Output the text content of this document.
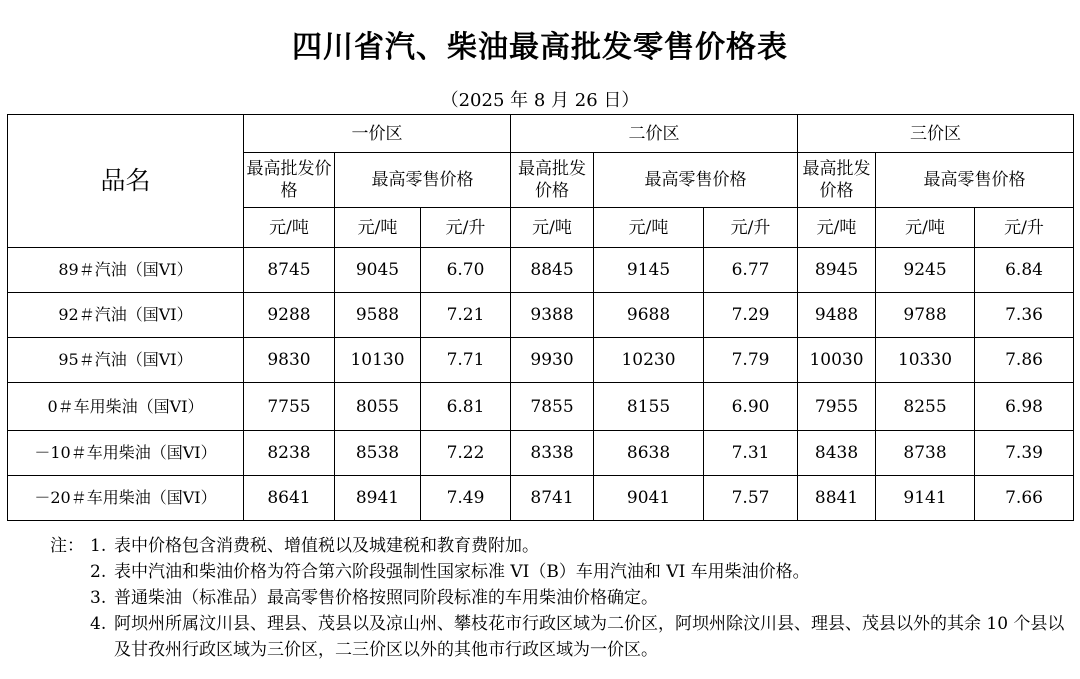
四川省汽、柴油最高批发零售价格表
（2025 年 8 月 26 日）
品名	一价区			二价区			三价区		
	最高批发价格	最高零售价格		最高批发价格	最高零售价格		最高批发价格	最高零售价格	
	元/吨	元/吨	元/升	元/吨	元/吨	元/升	元/吨	元/吨	元/升
89＃汽油（国VI）	8745	9045	6.70	8845	9145	6.77	8945	9245	6.84
92＃汽油（国VI）	9288	9588	7.21	9388	9688	7.29	9488	9788	7.36
95＃汽油（国VI）	9830	10130	7.71	9930	10230	7.79	10030	10330	7.86
0＃车用柴油（国VI）	7755	8055	6.81	7855	8155	6.90	7955	8255	6.98
－10＃车用柴油（国VI）	8238	8538	7.22	8338	8638	7.31	8438	8738	7.39
－20＃车用柴油（国VI）	8641	8941	7.49	8741	9041	7.57	8841	9141	7.66
注： 1. 表中价格包含消费税、增值税以及城建税和教育费附加。
2. 表中汽油和柴油价格为符合第六阶段强制性国家标准 VI（B）车用汽油和 VI 车用柴油价格。
3. 普通柴油（标准品）最高零售价格按照同阶段标准的车用柴油价格确定。
4. 阿坝州所属汶川县、理县、茂县以及凉山州、攀枝花市行政区域为二价区，阿坝州除汶川县、理县、茂县以外的其余 10 个县以及甘孜州行政区域为三价区，二三价区以外的其他市行政区域为一价区。
